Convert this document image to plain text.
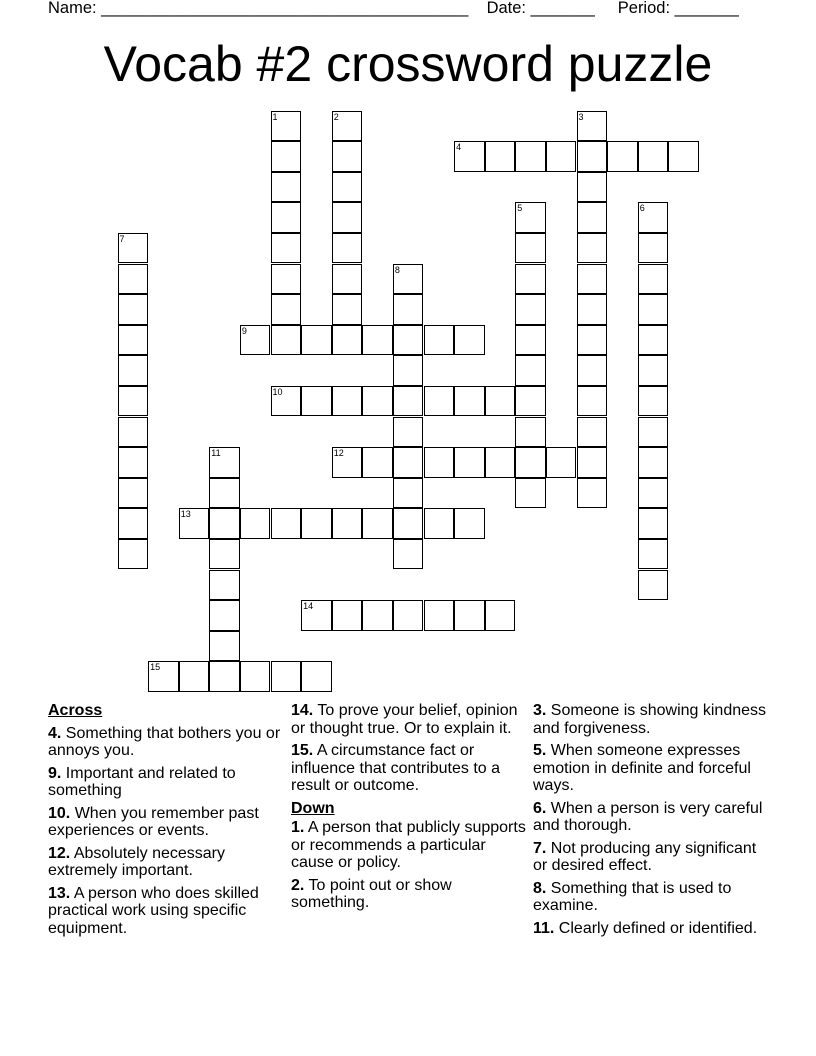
Name: ________________________________________    Date: _______     Period: _______
Vocab #2 crossword puzzle
1	2	3
4
5	6
7
8
9
10
11	12
13
14
15
Across
4. Something that bothers you or annoys you.
9. Important and related to something
10. When you remember past experiences or events.
12. Absolutely necessary extremely important.
13. A person who does skilled practical work using specific equipment.
14. To prove your belief, opinion or thought true. Or to explain it.
15. A circumstance fact or influence that contributes to a result or outcome.
Down
1. A person that publicly supports or recommends a particular cause or policy.
2. To point out or show something.
3. Someone is showing kindness and forgiveness.
5. When someone expresses emotion in definite and forceful ways.
6. When a person is very careful and thorough.
7. Not producing any significant or desired effect.
8. Something that is used to examine.
11. Clearly defined or identified.
